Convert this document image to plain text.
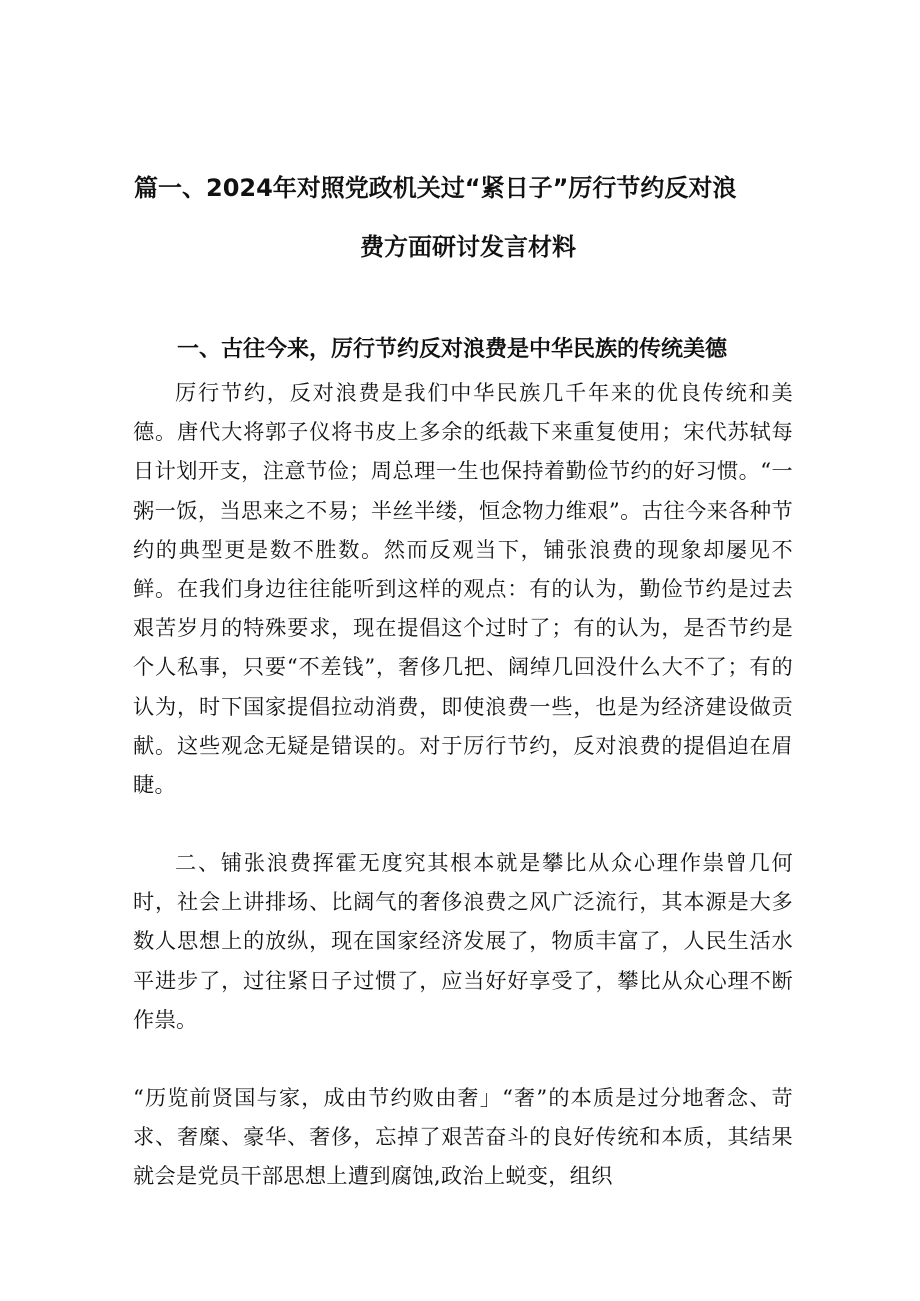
篇一、2024年对照党政机关过“紧日子”厉行节约反对浪
费方面研讨发言材料
一、古往今来，厉行节约反对浪费是中华民族的传统美德

厉行节约，反对浪费是我们中华民族几千年来的优良传统和美德。唐代大将郭子仪将书皮上多余的纸裁下来重复使用；宋代苏轼每日计划开支，注意节俭；周总理一生也保持着勤俭节约的好习惯。“一粥一饭，当思来之不易；半丝半缕，恒念物力维艰”。古往今来各种节约的典型更是数不胜数。然而反观当下，铺张浪费的现象却屡见不鲜。在我们身边往往能听到这样的观点：有的认为，勤俭节约是过去艰苦岁月的特殊要求，现在提倡这个过时了；有的认为，是否节约是个人私事，只要“不差钱”，奢侈几把、阔绰几回没什么大不了；有的认为，时下国家提倡拉动消费，即使浪费一些，也是为经济建设做贡献。这些观念无疑是错误的。对于厉行节约，反对浪费的提倡迫在眉睫。

二、铺张浪费挥霍无度究其根本就是攀比从众心理作祟曾几何时，社会上讲排场、比阔气的奢侈浪费之风广泛流行，其本源是大多数人思想上的放纵，现在国家经济发展了，物质丰富了，人民生活水平进步了，过往紧日子过惯了，应当好好享受了，攀比从众心理不断作祟。

“历览前贤国与家，成由节约败由奢」“奢”的本质是过分地奢念、苛求、奢糜、豪华、奢侈，忘掉了艰苦奋斗的良好传统和本质，其结果就会是党员干部思想上遭到腐蚀,政治上蜕变，组织
